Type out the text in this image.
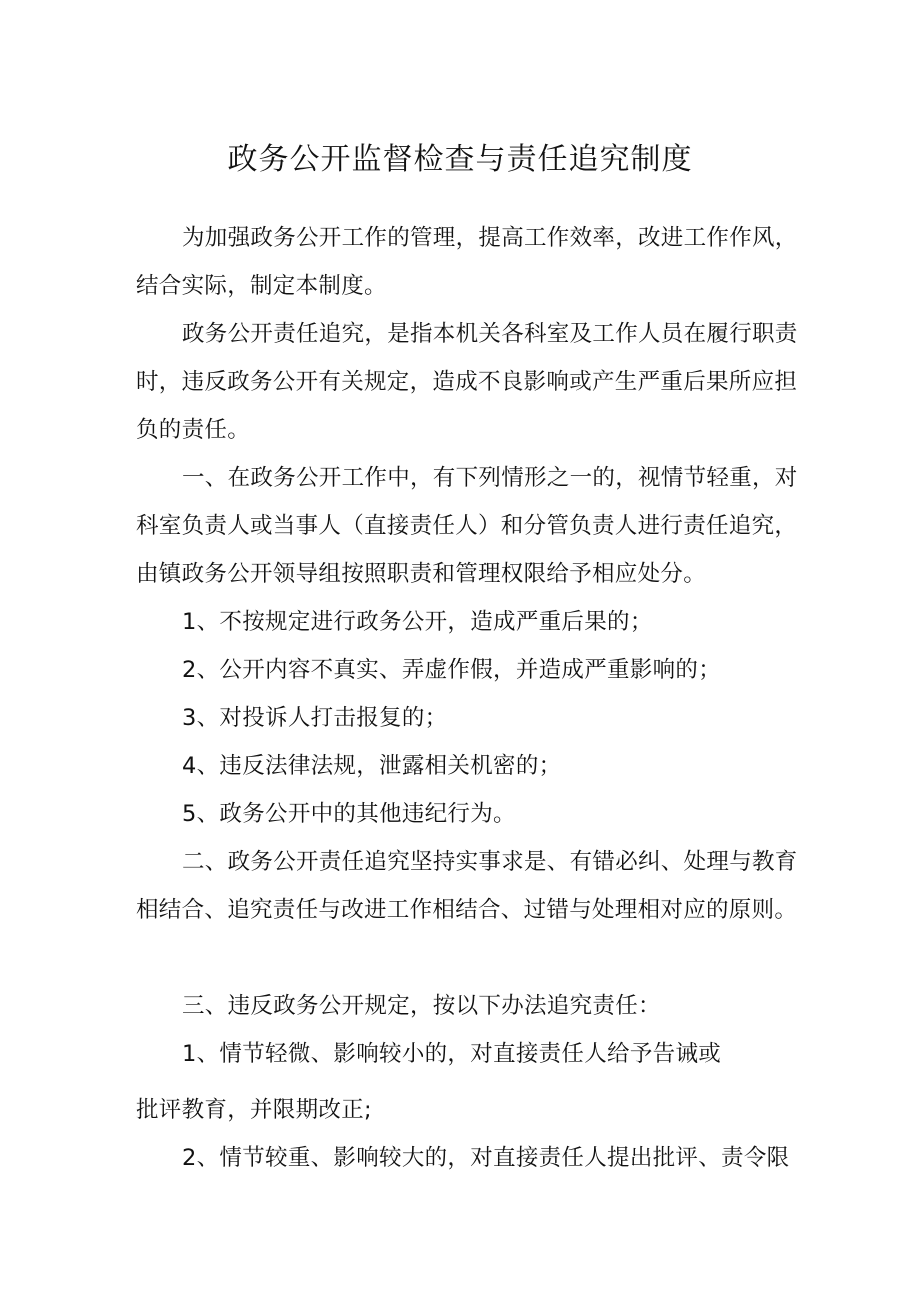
政务公开监督检查与责任追究制度
为加强政务公开工作的管理，提高工作效率，改进工作作风，结合实际，制定本制度。
政务公开责任追究，是指本机关各科室及工作人员在履行职责时，违反政务公开有关规定，造成不良影响或产生严重后果所应担负的责任。
一、在政务公开工作中，有下列情形之一的，视情节轻重，对科室负责人或当事人（直接责任人）和分管负责人进行责任追究，由镇政务公开领导组按照职责和管理权限给予相应处分。
1、不按规定进行政务公开，造成严重后果的；
2、公开内容不真实、弄虚作假，并造成严重影响的；
3、对投诉人打击报复的；
4、违反法律法规，泄露相关机密的；
5、政务公开中的其他违纪行为。
二、政务公开责任追究坚持实事求是、有错必纠、处理与教育相结合、追究责任与改进工作相结合、过错与处理相对应的原则。
三、违反政务公开规定，按以下办法追究责任：
1、情节轻微、影响较小的，对直接责任人给予告诫或
批评教育，并限期改正;
2、情节较重、影响较大的，对直接责任人提出批评、责令限
